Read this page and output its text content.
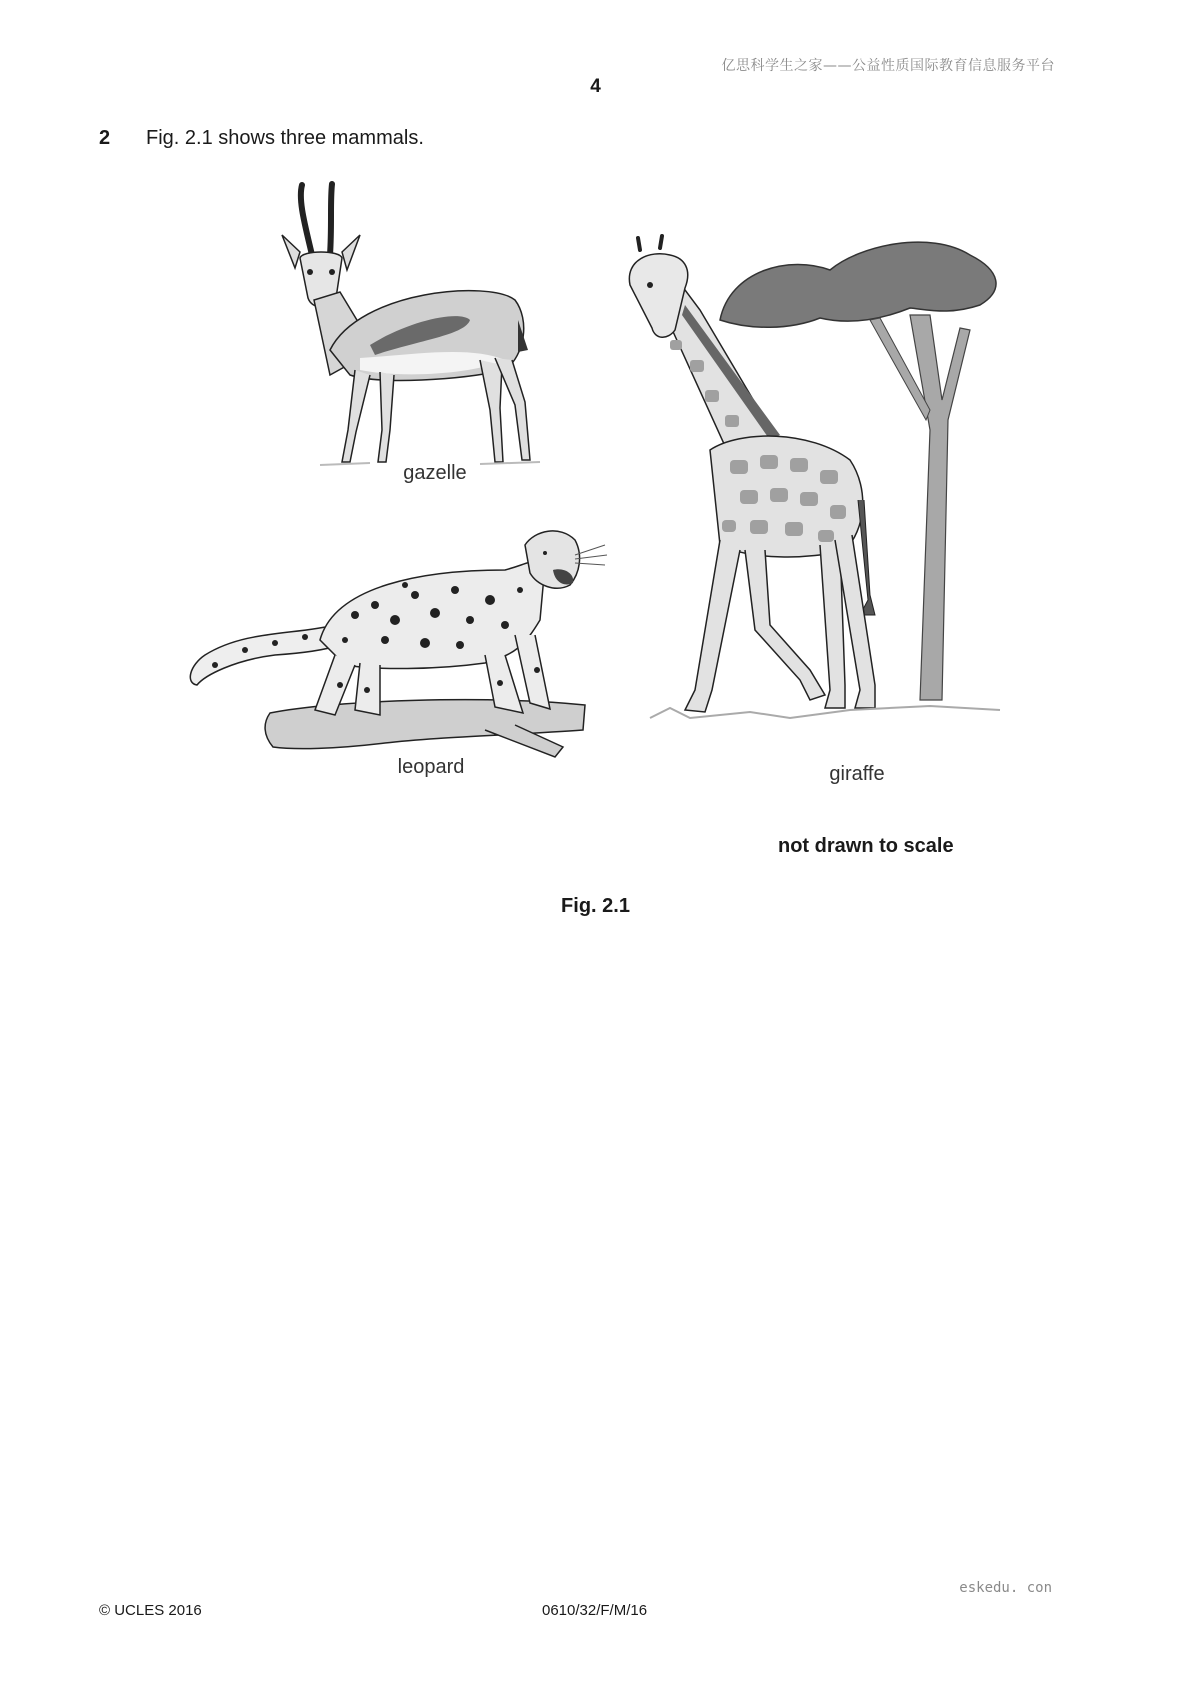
亿思科学生之家——公益性质国际教育信息服务平台
4
2 Fig. 2.1 shows three mammals.
gazelle
leopard	giraffe
not drawn to scale
Fig. 2.1
eskedu. con
© UCLES 2016	0610/32/F/M/16
